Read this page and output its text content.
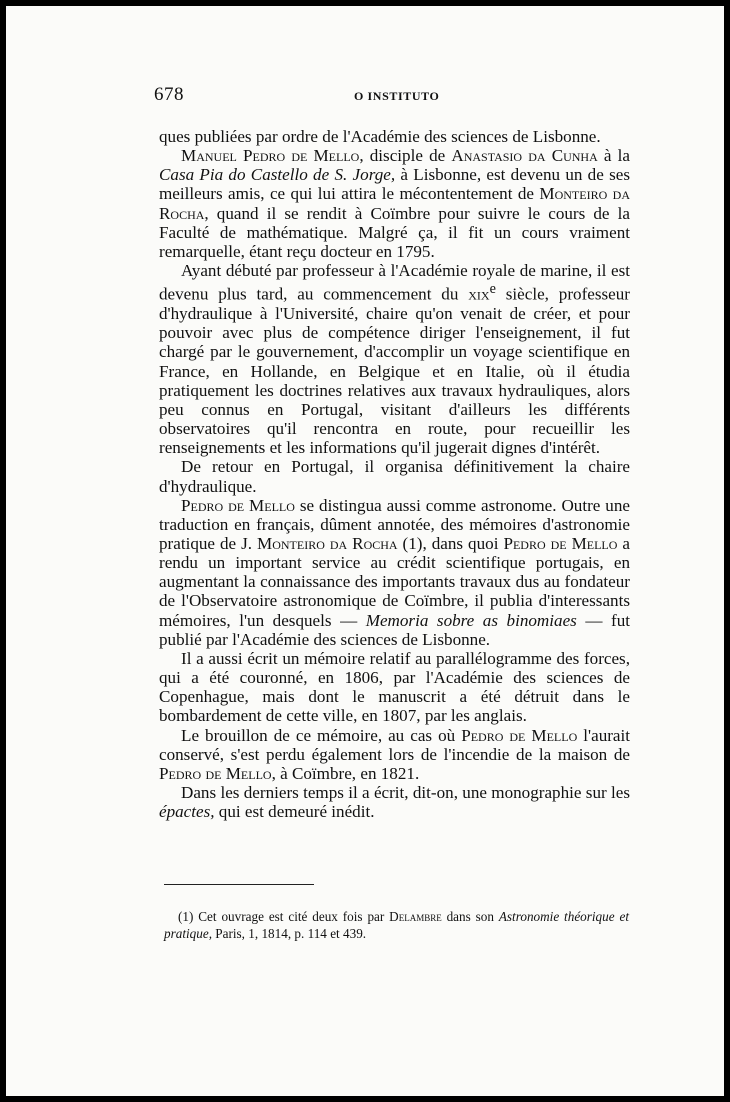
678	O INSTITUTO

ques publiées par ordre de l'Académie des sciences de Lisbonne.

Manuel Pedro de Mello, disciple de Anastasio da Cunha à la Casa Pia do Castello de S. Jorge, à Lisbonne, est devenu un de ses meilleurs amis, ce qui lui attira le mécontentement de Monteiro da Rocha, quand il se rendit à Coïmbre pour suivre le cours de la Faculté de mathématique. Malgré ça, il fit un cours vraiment remarquelle, étant reçu docteur en 1795.

Ayant débuté par professeur à l'Académie royale de marine, il est devenu plus tard, au commencement du xix$^e$ siècle, professeur d'hydraulique à l'Université, chaire qu'on venait de créer, et pour pouvoir avec plus de compétence diriger l'enseignement, il fut chargé par le gouvernement, d'accomplir un voyage scientifique en France, en Hollande, en Belgique et en Italie, où il étudia pratiquement les doctrines relatives aux travaux hydrauliques, alors peu connus en Portugal, visitant d'ailleurs les différents observatoires qu'il rencontra en route, pour recueillir les renseignements et les informations qu'il jugerait dignes d'intérêt.

De retour en Portugal, il organisa définitivement la chaire d'hydraulique.

Pedro de Mello se distingua aussi comme astronome. Outre une traduction en français, dûment annotée, des mémoires d'astronomie pratique de J. Monteiro da Rocha (1), dans quoi Pedro de Mello a rendu un important service au crédit scientifique portugais, en augmentant la connaissance des importants travaux dus au fondateur de l'Observatoire astronomique de Coïmbre, il publia d'interessants mémoires, l'un desquels — Memoria sobre as binomiaes — fut publié par l'Académie des sciences de Lisbonne.

Il a aussi écrit un mémoire relatif au parallélogramme des forces, qui a été couronné, en 1806, par l'Académie des sciences de Copenhague, mais dont le manuscrit a été détruit dans le bombardement de cette ville, en 1807, par les anglais.

Le brouillon de ce mémoire, au cas où Pedro de Mello l'aurait conservé, s'est perdu également lors de l'incendie de la maison de Pedro de Mello, à Coïmbre, en 1821.

Dans les derniers temps il a écrit, dit-on, une monographie sur les épactes, qui est demeuré inédit.

(1) Cet ouvrage est cité deux fois par Delambre dans son Astronomie théorique et pratique, Paris, 1, 1814, p. 114 et 439.
